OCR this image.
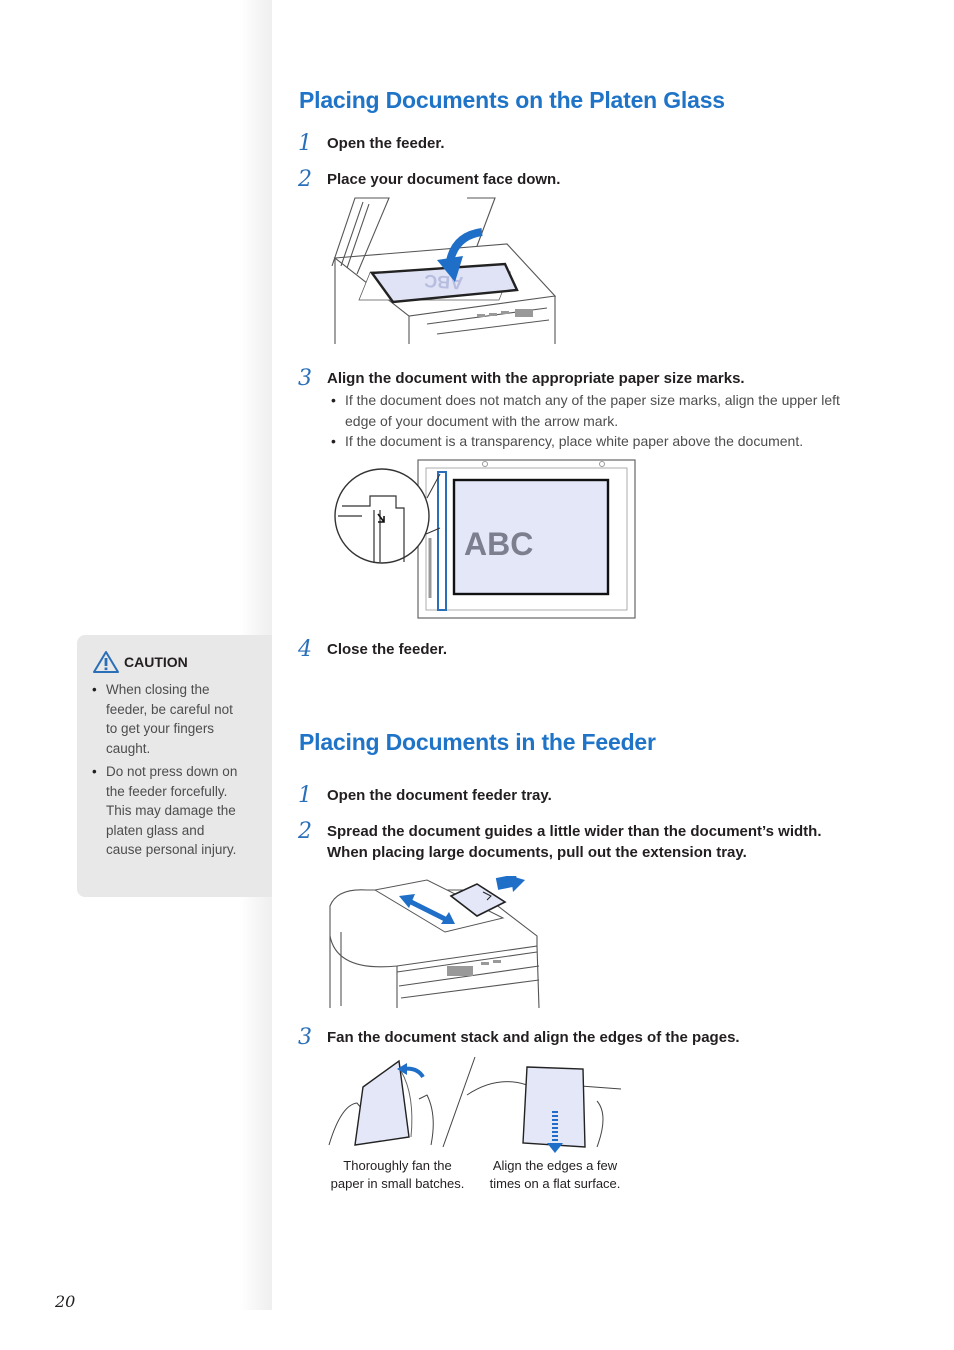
CAUTION
• When closing the feeder, be careful not to get your fingers caught.
• Do not press down on the feeder forcefully. This may damage the platen glass and cause personal injury.
Placing Documents on the Platen Glass
1 Open the feeder.
2 Place your document face down.
ABC
3 Align the document with the appropriate paper size marks.
• If the document does not match any of the paper size marks, align the upper left edge of your document with the arrow mark.
• If the document is a transparency, place white paper above the document.
ABC
4 Close the feeder.
Placing Documents in the Feeder
1 Open the document feeder tray.
2 Spread the document guides a little wider than the document’s width.
When placing large documents, pull out the extension tray.
3 Fan the document stack and align the edges of the pages.
Thoroughly fan the paper in small batches.
Align the edges a few times on a flat surface.
20
